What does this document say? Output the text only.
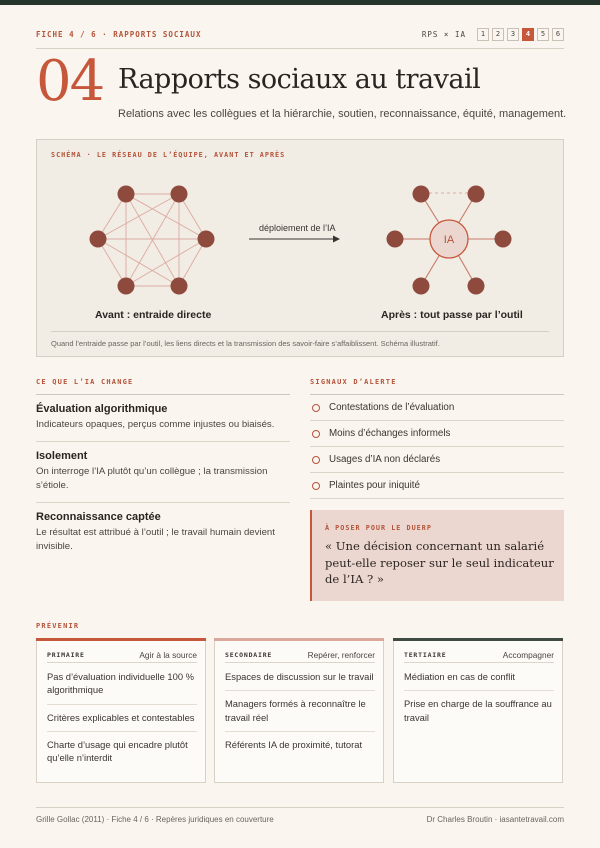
FICHE 4 / 6 · RAPPORTS SOCIAUX	RPS × IA	1	2	3	4	5	6
04 Rapports sociaux au travail
Relations avec les collègues et la hiérarchie, soutien, reconnaissance, équité, management.
SCHÉMA · LE RÉSEAU DE L’ÉQUIPE, AVANT ET APRÈS
IA
déploiement de l’IA
Avant : entraide directe	Après : tout passe par l’outil
Quand l’entraide passe par l’outil, les liens directs et la transmission des savoir-faire s’affaiblissent. Schéma illustratif.
CE QUE L’IA CHANGE
Évaluation algorithmique
Indicateurs opaques, perçus comme injustes ou biaisés.
Isolement
On interroge l’IA plutôt qu’un collègue ; la transmission s’étiole.
Reconnaissance captée
Le résultat est attribué à l’outil ; le travail humain devient invisible.
SIGNAUX D’ALERTE
Contestations de l’évaluation
Moins d’échanges informels
Usages d’IA non déclarés
Plaintes pour iniquité
À POSER POUR LE DUERP
« Une décision concernant un salarié peut-elle reposer sur le seul indicateur de l’IA ? »
PRÉVENIR
PRIMAIRE	Agir à la source
Pas d’évaluation individuelle 100 % algorithmique
Critères explicables et contestables
Charte d’usage qui encadre plutôt qu’elle n’interdit
SECONDAIRE	Repérer, renforcer
Espaces de discussion sur le travail
Managers formés à reconnaître le travail réel
Référents IA de proximité, tutorat
TERTIAIRE	Accompagner
Médiation en cas de conflit
Prise en charge de la souffrance au travail
Grille Gollac (2011) · Fiche 4 / 6 · Repères juridiques en couverture	Dr Charles Broutin · iasantetravail.com
